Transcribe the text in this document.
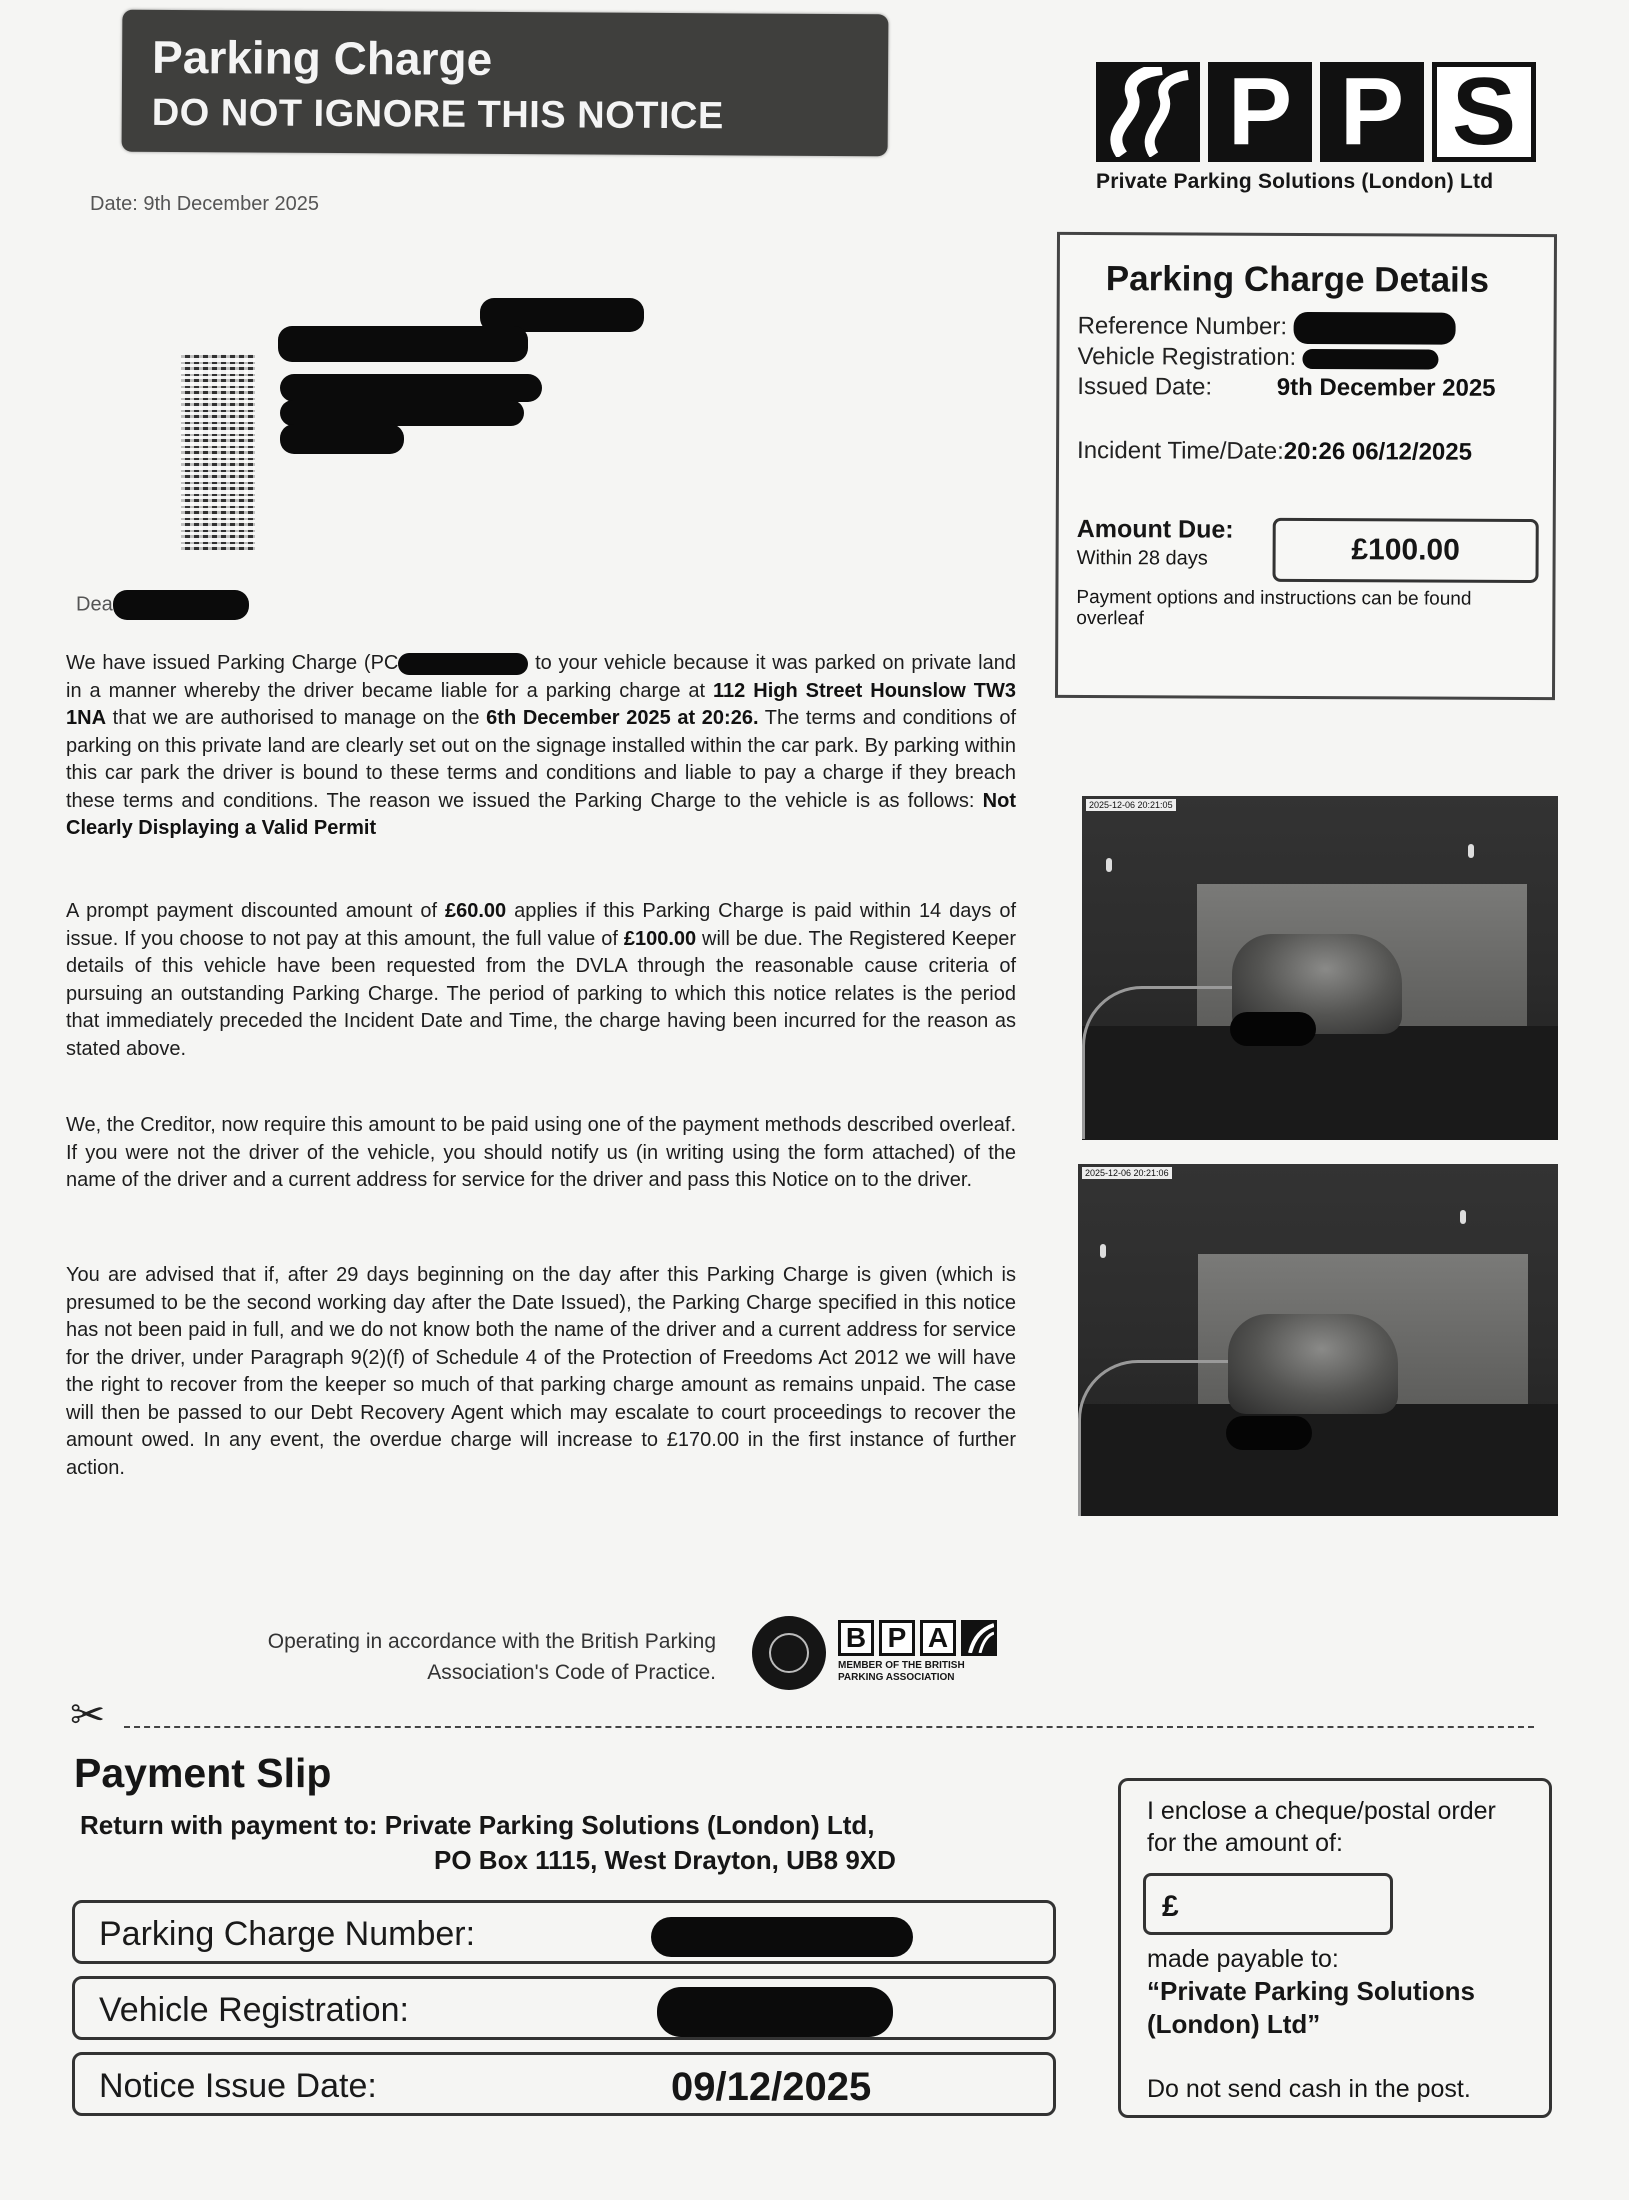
Parking Charge
DO NOT IGNORE THIS NOTICE
Date: 9th December 2025
P P S
Private Parking Solutions (London) Ltd
Parking Charge Details
Reference Number:
Vehicle Registration:
Issued Date:	9th December 2025
Incident Time/Date:20:26 06/12/2025
Amount Due:
Within 28 days	£100.00
Payment options and instructions can be found overleaf
Dea
We have issued Parking Charge (PC	to your vehicle because it was parked on private land in a manner whereby the driver became liable for a parking charge at 112 High Street Hounslow TW3 1NA that we are authorised to manage on the 6th December 2025 at 20:26. The terms and conditions of parking on this private land are clearly set out on the signage installed within the car park. By parking within this car park the driver is bound to these terms and conditions and liable to pay a charge if they breach these terms and conditions. The reason we issued the Parking Charge to the vehicle is as follows: Not Clearly Displaying a Valid Permit
A prompt payment discounted amount of £60.00 applies if this Parking Charge is paid within 14 days of issue. If you choose to not pay at this amount, the full value of £100.00 will be due. The Registered Keeper details of this vehicle have been requested from the DVLA through the reasonable cause criteria of pursuing an outstanding Parking Charge. The period of parking to which this notice relates is the period that immediately preceded the Incident Date and Time, the charge having been incurred for the reason as stated above.
We, the Creditor, now require this amount to be paid using one of the payment methods described overleaf. If you were not the driver of the vehicle, you should notify us (in writing using the form attached) of the name of the driver and a current address for service for the driver and pass this Notice on to the driver.
You are advised that if, after 29 days beginning on the day after this Parking Charge is given (which is presumed to be the second working day after the Date Issued), the Parking Charge specified in this notice has not been paid in full, and we do not know both the name of the driver and a current address for service for the driver, under Paragraph 9(2)(f) of Schedule 4 of the Protection of Freedoms Act 2012 we will have the right to recover from the keeper so much of that parking charge amount as remains unpaid. The case will then be passed to our Debt Recovery Agent which may escalate to court proceedings to recover the amount owed. In any event, the overdue charge will increase to £170.00 in the first instance of further action.
2025-12-06 20:21:05
2025-12-06 20:21:06
Operating in accordance with the British Parking Association's Code of Practice.
B P A
MEMBER OF THE BRITISH PARKING ASSOCIATION
✂
Payment Slip
Return with payment to: Private Parking Solutions (London) Ltd,
PO Box 1115, West Drayton, UB8 9XD
Parking Charge Number:
Vehicle Registration:
Notice Issue Date:	09/12/2025
I enclose a cheque/postal order for the amount of:
£
made payable to:
“Private Parking Solutions (London) Ltd”
Do not send cash in the post.
